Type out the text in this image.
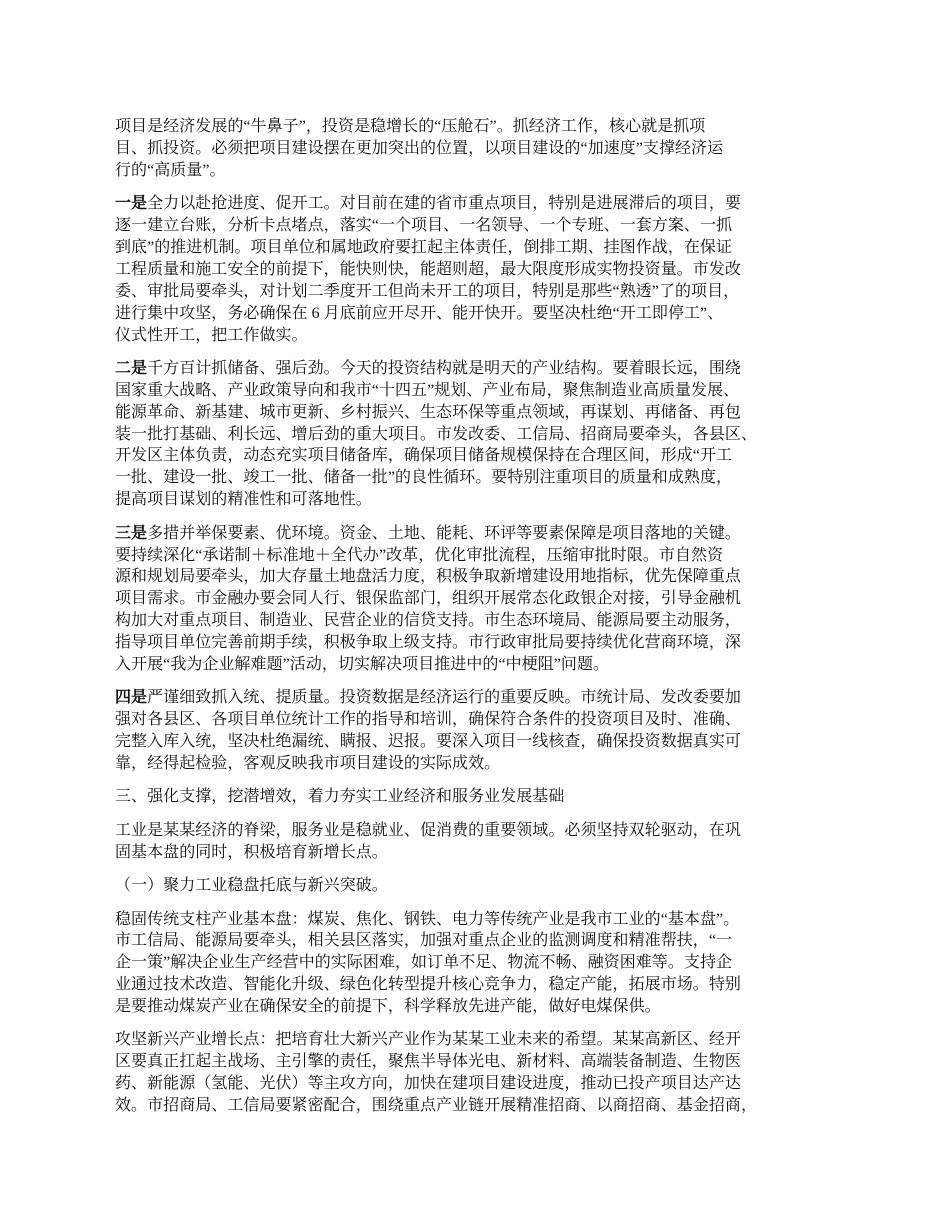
项目是经济发展的“牛鼻子”，投资是稳增长的“压舱石”。抓经济工作，核心就是抓项
目、抓投资。必须把项目建设摆在更加突出的位置，以项目建设的“加速度”支撑经济运
行的“高质量”。
一是全力以赴抢进度、促开工。对目前在建的省市重点项目，特别是进展滞后的项目，要
逐一建立台账，分析卡点堵点，落实“一个项目、一名领导、一个专班、一套方案、一抓
到底”的推进机制。项目单位和属地政府要扛起主体责任，倒排工期、挂图作战，在保证
工程质量和施工安全的前提下，能快则快，能超则超，最大限度形成实物投资量。市发改
委、审批局要牵头，对计划二季度开工但尚未开工的项目，特别是那些“熟透”了的项目，
进行集中攻坚，务必确保在 6 月底前应开尽开、能开快开。要坚决杜绝“开工即停工”、
仪式性开工，把工作做实。
二是千方百计抓储备、强后劲。今天的投资结构就是明天的产业结构。要着眼长远，围绕
国家重大战略、产业政策导向和我市“十四五”规划、产业布局，聚焦制造业高质量发展、
能源革命、新基建、城市更新、乡村振兴、生态环保等重点领域，再谋划、再储备、再包
装一批打基础、利长远、增后劲的重大项目。市发改委、工信局、招商局要牵头，各县区、
开发区主体负责，动态充实项目储备库，确保项目储备规模保持在合理区间，形成“开工
一批、建设一批、竣工一批、储备一批”的良性循环。要特别注重项目的质量和成熟度，
提高项目谋划的精准性和可落地性。
三是多措并举保要素、优环境。资金、土地、能耗、环评等要素保障是项目落地的关键。
要持续深化“承诺制＋标准地＋全代办”改革，优化审批流程，压缩审批时限。市自然资
源和规划局要牵头，加大存量土地盘活力度，积极争取新增建设用地指标，优先保障重点
项目需求。市金融办要会同人行、银保监部门，组织开展常态化政银企对接，引导金融机
构加大对重点项目、制造业、民营企业的信贷支持。市生态环境局、能源局要主动服务，
指导项目单位完善前期手续，积极争取上级支持。市行政审批局要持续优化营商环境，深
入开展“我为企业解难题”活动，切实解决项目推进中的“中梗阻”问题。
四是严谨细致抓入统、提质量。投资数据是经济运行的重要反映。市统计局、发改委要加
强对各县区、各项目单位统计工作的指导和培训，确保符合条件的投资项目及时、准确、
完整入库入统，坚决杜绝漏统、瞒报、迟报。要深入项目一线核查，确保投资数据真实可
靠，经得起检验，客观反映我市项目建设的实际成效。
三、强化支撑，挖潜增效，着力夯实工业经济和服务业发展基础
工业是某某经济的脊梁，服务业是稳就业、促消费的重要领域。必须坚持双轮驱动，在巩
固基本盘的同时，积极培育新增长点。
（一）聚力工业稳盘托底与新兴突破。
稳固传统支柱产业基本盘：煤炭、焦化、钢铁、电力等传统产业是我市工业的“基本盘”。
市工信局、能源局要牵头，相关县区落实，加强对重点企业的监测调度和精准帮扶，“一
企一策”解决企业生产经营中的实际困难，如订单不足、物流不畅、融资困难等。支持企
业通过技术改造、智能化升级、绿色化转型提升核心竞争力，稳定产能，拓展市场。特别
是要推动煤炭产业在确保安全的前提下，科学释放先进产能，做好电煤保供。
攻坚新兴产业增长点：把培育壮大新兴产业作为某某工业未来的希望。某某高新区、经开
区要真正扛起主战场、主引擎的责任，聚焦半导体光电、新材料、高端装备制造、生物医
药、新能源（氢能、光伏）等主攻方向，加快在建项目建设进度，推动已投产项目达产达
效。市招商局、工信局要紧密配合，围绕重点产业链开展精准招商、以商招商、基金招商，
